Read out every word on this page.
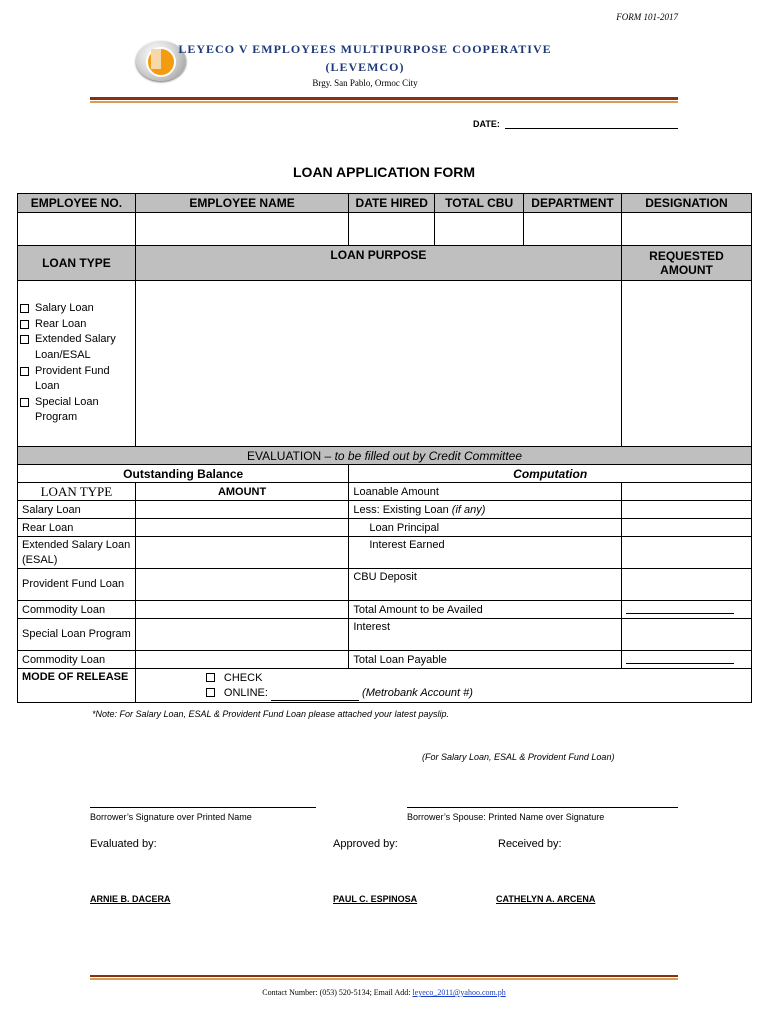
FORM 101-2017
LEYECO V EMPLOYEES MULTIPURPOSE COOPERATIVE
(LEVEMCO)
Brgy. San Pablo, Ormoc City
DATE:
LOAN APPLICATION FORM
EMPLOYEE NO.	EMPLOYEE NAME	DATE HIRED	TOTAL CBU	DEPARTMENT	DESIGNATION

LOAN TYPE	LOAN PURPOSE				REQUESTED AMOUNT

Salary Loan
Rear Loan
Extended Salary Loan/ESAL
Provident Fund Loan
Special Loan Program					

EVALUATION – to be filled out by Credit Committee					
Outstanding Balance		Computation			
LOAN TYPE	AMOUNT	Loanable Amount			
Salary Loan		Less: Existing Loan (if any)			
Rear Loan		Loan Principal			
Extended Salary Loan (ESAL)		Interest Earned			
Provident Fund Loan		CBU Deposit			
Commodity Loan		Total Amount to be Availed			
Special Loan Program		Interest			
Commodity Loan		Total Loan Payable			
MODE OF RELEASE	CHECK
ONLINE: (Metrobank Account #)				
*Note: For Salary Loan, ESAL & Provident Fund Loan please attached your latest payslip.
(For Salary Loan, ESAL & Provident Fund Loan)
Borrower’s Signature over Printed Name	Borrower’s Spouse: Printed Name over Signature
Evaluated by:	Approved by:	Received by:
ARNIE B. DACERA	PAUL C. ESPINOSA	CATHELYN A. ARCENA
Contact Number: (053) 520-5134; Email Add: leyeco_2011@yahoo.com.ph
